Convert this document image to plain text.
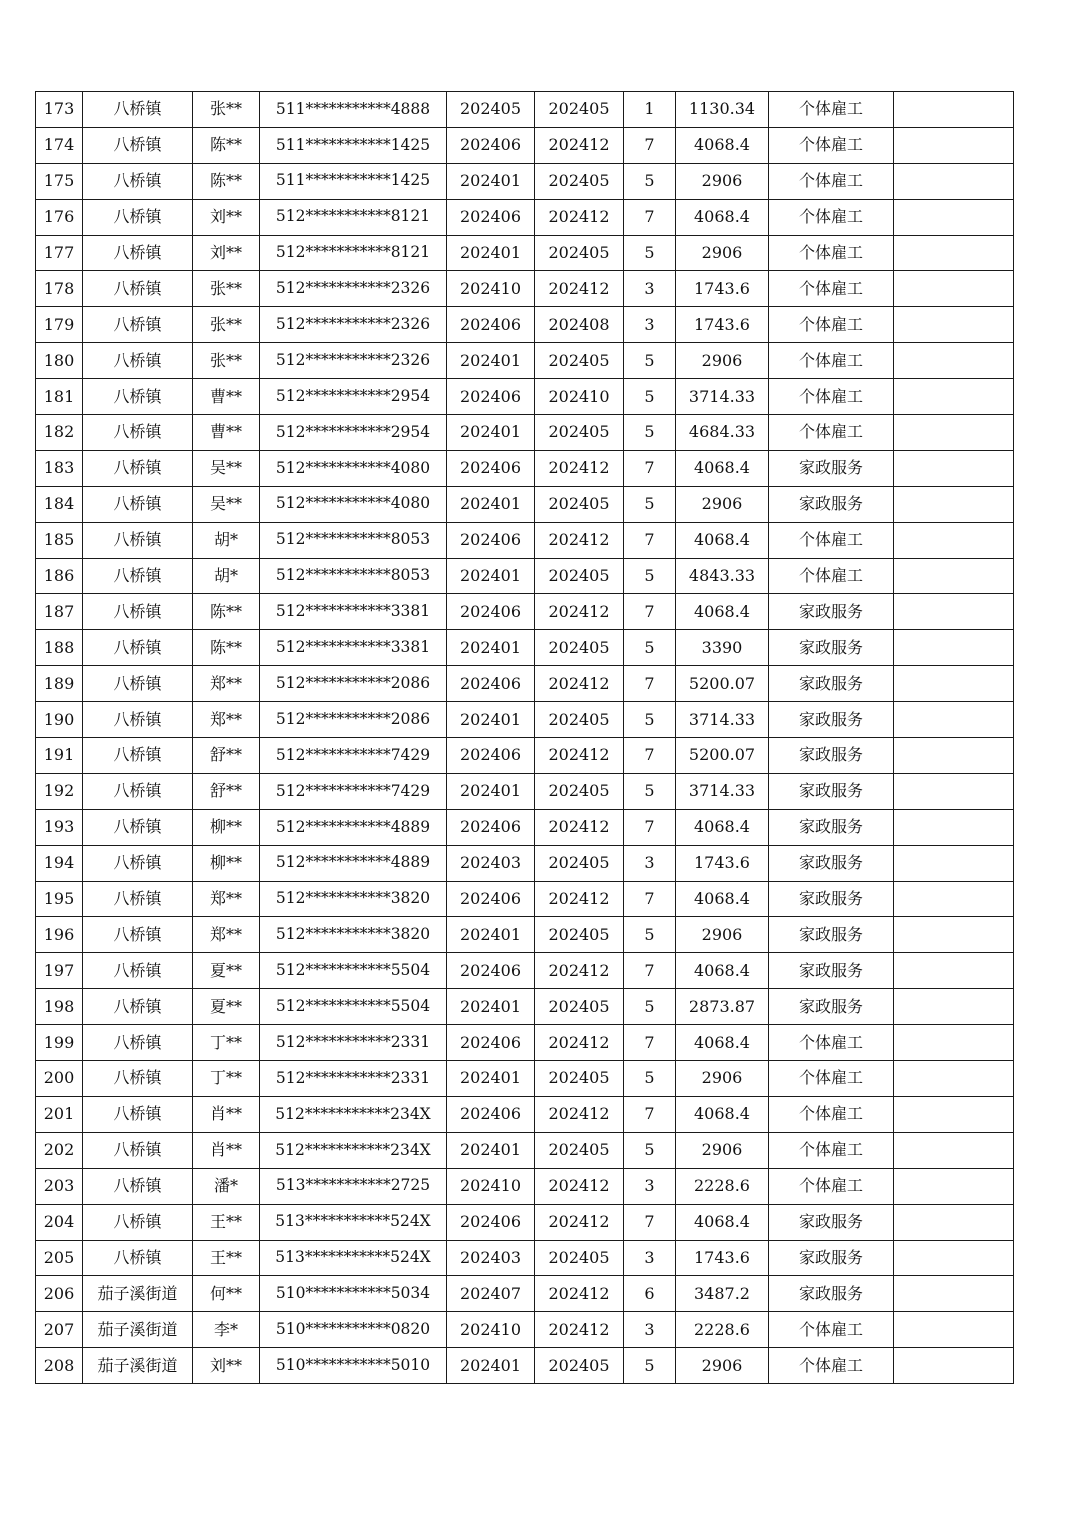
173	八桥镇	张**	511***********4888	202405	202405	1	1130.34	个体雇工	
174	八桥镇	陈**	511***********1425	202406	202412	7	4068.4	个体雇工	
175	八桥镇	陈**	511***********1425	202401	202405	5	2906	个体雇工	
176	八桥镇	刘**	512***********8121	202406	202412	7	4068.4	个体雇工	
177	八桥镇	刘**	512***********8121	202401	202405	5	2906	个体雇工	
178	八桥镇	张**	512***********2326	202410	202412	3	1743.6	个体雇工	
179	八桥镇	张**	512***********2326	202406	202408	3	1743.6	个体雇工	
180	八桥镇	张**	512***********2326	202401	202405	5	2906	个体雇工	
181	八桥镇	曹**	512***********2954	202406	202410	5	3714.33	个体雇工	
182	八桥镇	曹**	512***********2954	202401	202405	5	4684.33	个体雇工	
183	八桥镇	吴**	512***********4080	202406	202412	7	4068.4	家政服务	
184	八桥镇	吴**	512***********4080	202401	202405	5	2906	家政服务	
185	八桥镇	胡*	512***********8053	202406	202412	7	4068.4	个体雇工	
186	八桥镇	胡*	512***********8053	202401	202405	5	4843.33	个体雇工	
187	八桥镇	陈**	512***********3381	202406	202412	7	4068.4	家政服务	
188	八桥镇	陈**	512***********3381	202401	202405	5	3390	家政服务	
189	八桥镇	郑**	512***********2086	202406	202412	7	5200.07	家政服务	
190	八桥镇	郑**	512***********2086	202401	202405	5	3714.33	家政服务	
191	八桥镇	舒**	512***********7429	202406	202412	7	5200.07	家政服务	
192	八桥镇	舒**	512***********7429	202401	202405	5	3714.33	家政服务	
193	八桥镇	柳**	512***********4889	202406	202412	7	4068.4	家政服务	
194	八桥镇	柳**	512***********4889	202403	202405	3	1743.6	家政服务	
195	八桥镇	郑**	512***********3820	202406	202412	7	4068.4	家政服务	
196	八桥镇	郑**	512***********3820	202401	202405	5	2906	家政服务	
197	八桥镇	夏**	512***********5504	202406	202412	7	4068.4	家政服务	
198	八桥镇	夏**	512***********5504	202401	202405	5	2873.87	家政服务	
199	八桥镇	丁**	512***********2331	202406	202412	7	4068.4	个体雇工	
200	八桥镇	丁**	512***********2331	202401	202405	5	2906	个体雇工	
201	八桥镇	肖**	512***********234X	202406	202412	7	4068.4	个体雇工	
202	八桥镇	肖**	512***********234X	202401	202405	5	2906	个体雇工	
203	八桥镇	潘*	513***********2725	202410	202412	3	2228.6	个体雇工	
204	八桥镇	王**	513***********524X	202406	202412	7	4068.4	家政服务	
205	八桥镇	王**	513***********524X	202403	202405	3	1743.6	家政服务	
206	茄子溪街道	何**	510***********5034	202407	202412	6	3487.2	家政服务	
207	茄子溪街道	李*	510***********0820	202410	202412	3	2228.6	个体雇工	
208	茄子溪街道	刘**	510***********5010	202401	202405	5	2906	个体雇工	
